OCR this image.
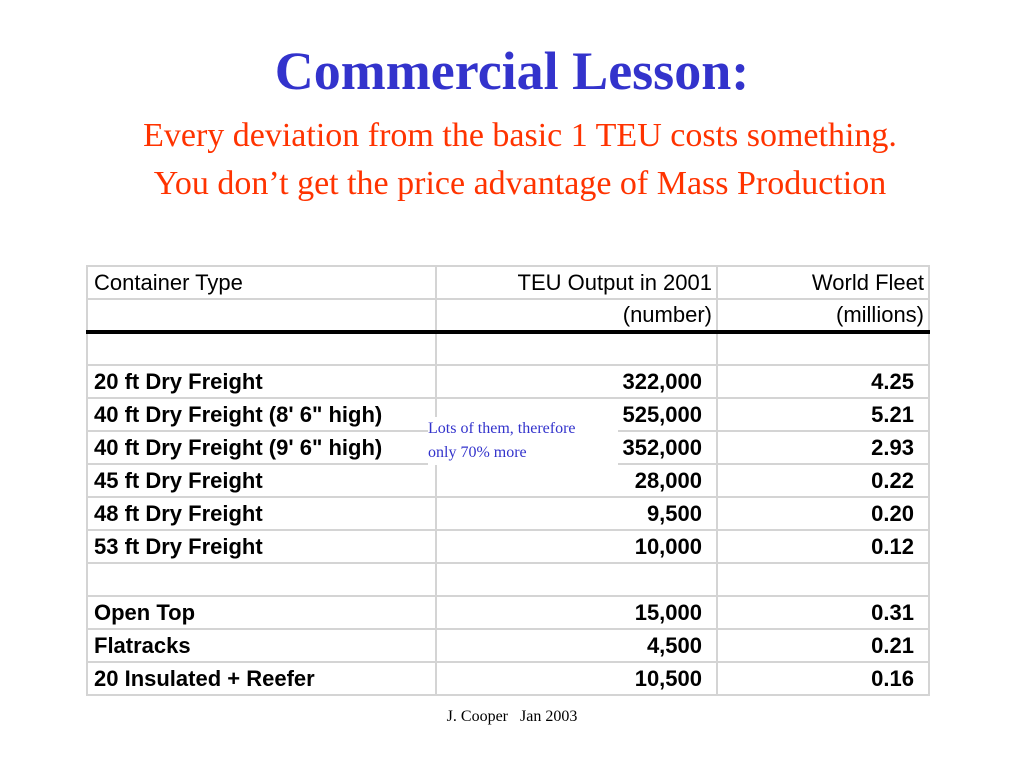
Commercial Lesson:
Every deviation from the basic 1 TEU costs something.
You don’t get the price advantage of Mass Production
Container Type	TEU Output in 2001	World Fleet
	(number)	(millions)

20 ft Dry Freight	322,000	4.25
40 ft Dry Freight (8' 6" high)	525,000	5.21
40 ft Dry Freight (9' 6" high)	352,000	2.93
45 ft Dry Freight	28,000	0.22
48 ft Dry Freight	9,500	0.20
53 ft Dry Freight	10,000	0.12

Open Top	15,000	0.31
Flatracks	4,500	0.21
20 Insulated + Reefer	10,500	0.16
Lots of them, therefore
only 70% more
J. Cooper   Jan 2003
